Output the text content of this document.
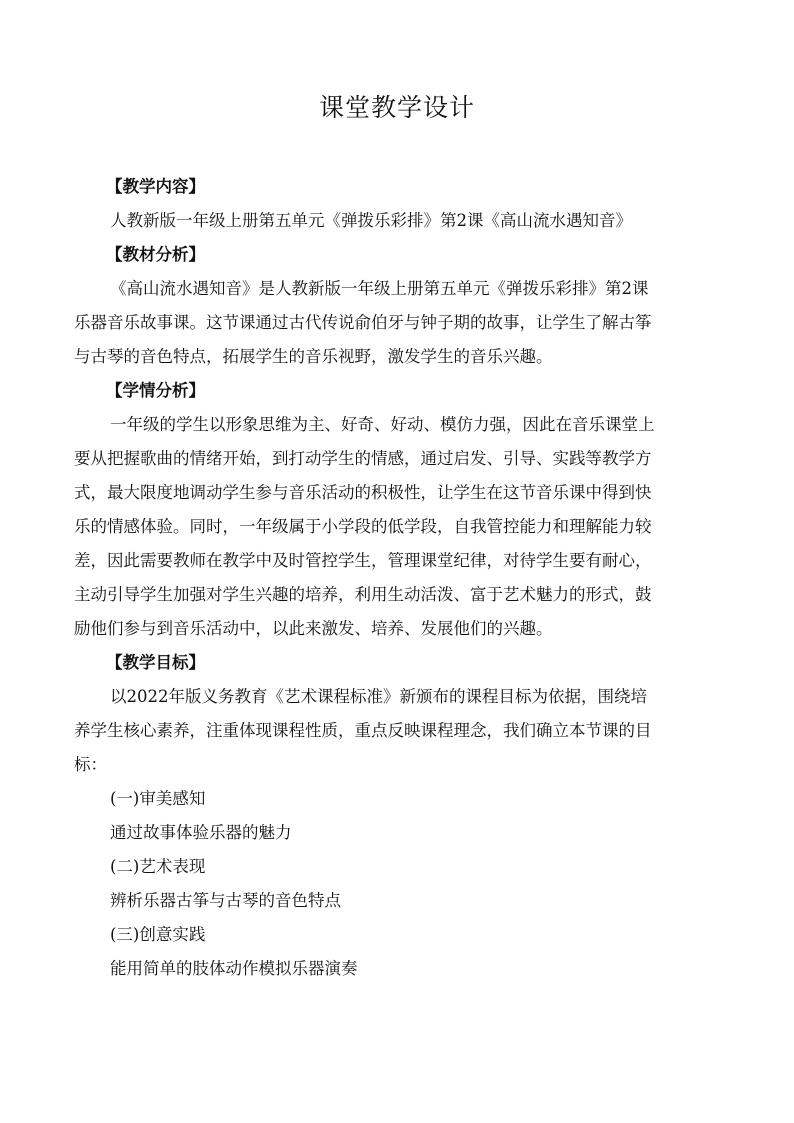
课堂教学设计
【教学内容】
人教新版一年级上册第五单元《弹拨乐彩排》第2课《高山流水遇知音》
【教材分析】
《高山流水遇知音》是人教新版一年级上册第五单元《弹拨乐彩排》第2课
乐器音乐故事课。这节课通过古代传说俞伯牙与钟子期的故事，让学生了解古筝
与古琴的音色特点，拓展学生的音乐视野，激发学生的音乐兴趣。
【学情分析】
一年级的学生以形象思维为主、好奇、好动、模仿力强，因此在音乐课堂上
要从把握歌曲的情绪开始，到打动学生的情感，通过启发、引导、实践等教学方
式，最大限度地调动学生参与音乐活动的积极性，让学生在这节音乐课中得到快
乐的情感体验。同时，一年级属于小学段的低学段，自我管控能力和理解能力较
差，因此需要教师在教学中及时管控学生，管理课堂纪律，对待学生要有耐心，
主动引导学生加强对学生兴趣的培养，利用生动活泼、富于艺术魅力的形式，鼓
励他们参与到音乐活动中，以此来激发、培养、发展他们的兴趣。
【教学目标】
以2022年版义务教育《艺术课程标准》新颁布的课程目标为依据，围绕培
养学生核心素养，注重体现课程性质，重点反映课程理念，我们确立本节课的目
标：
(一)审美感知
通过故事体验乐器的魅力
(二)艺术表现
辨析乐器古筝与古琴的音色特点
(三)创意实践
能用简单的肢体动作模拟乐器演奏
